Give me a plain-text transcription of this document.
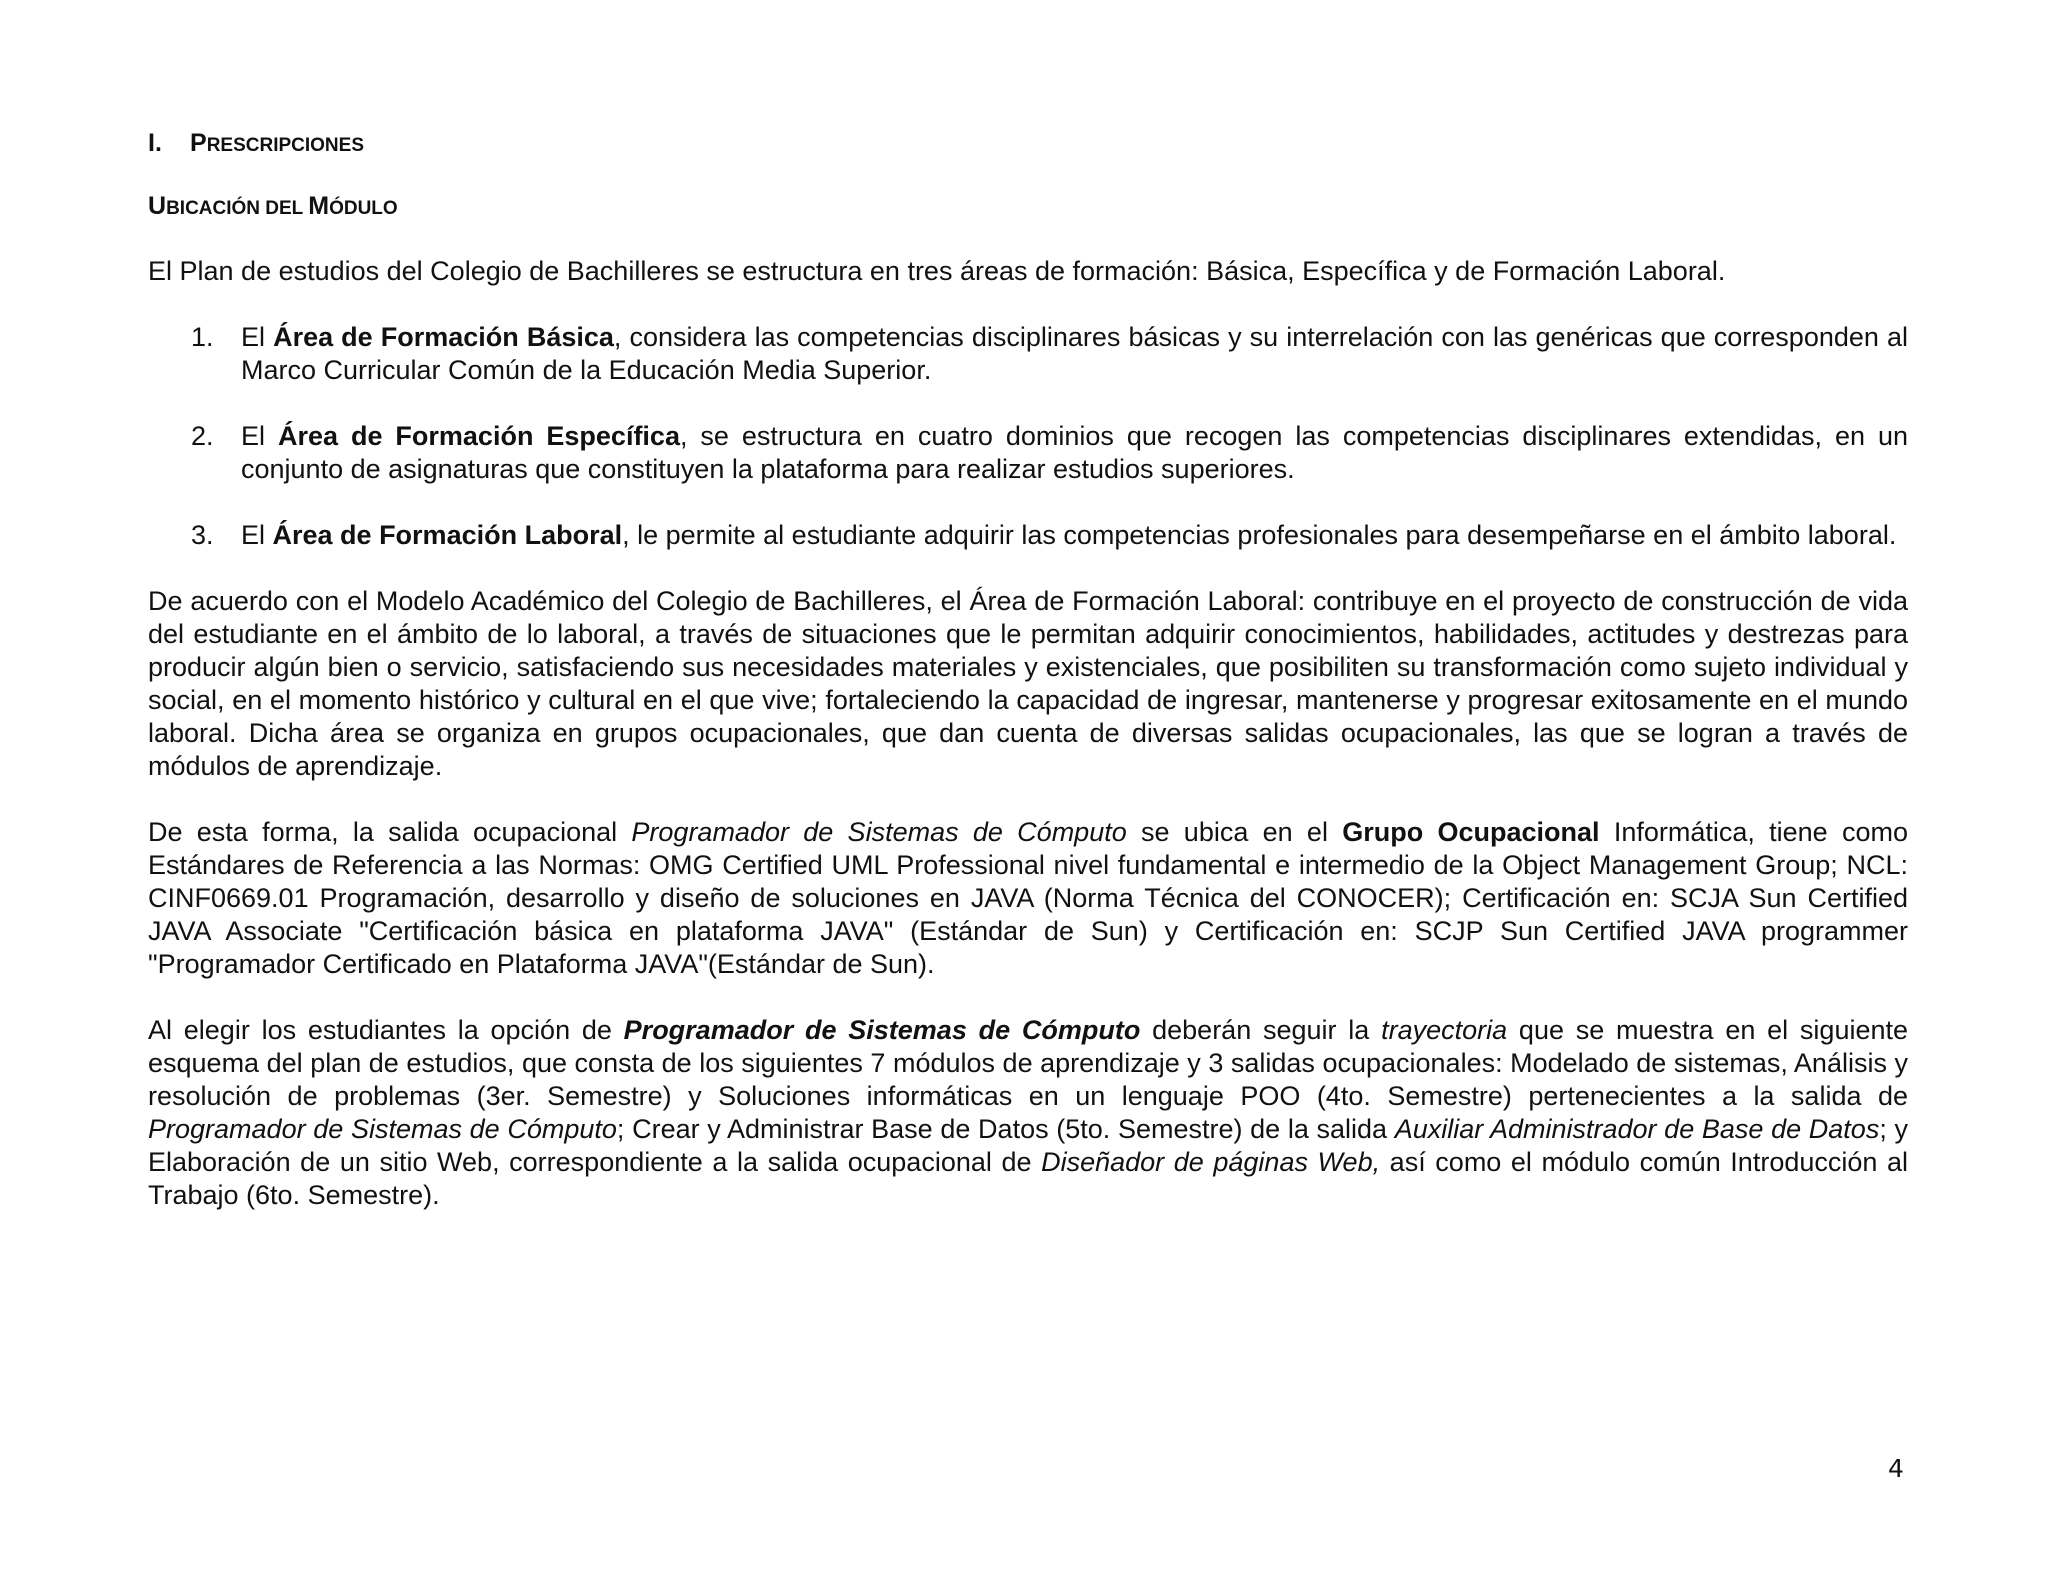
I. PRESCRIPCIONES
UBICACIÓN DEL MÓDULO

El Plan de estudios del Colegio de Bachilleres se estructura en tres áreas de formación: Básica, Específica y de Formación Laboral.

1. El Área de Formación Básica, considera las competencias disciplinares básicas y su interrelación con las genéricas que corresponden al Marco Curricular Común de la Educación Media Superior.
2. El Área de Formación Específica, se estructura en cuatro dominios que recogen las competencias disciplinares extendidas, en un conjunto de asignaturas que constituyen la plataforma para realizar estudios superiores.
3. El Área de Formación Laboral, le permite al estudiante adquirir las competencias profesionales para desempeñarse en el ámbito laboral.

De acuerdo con el Modelo Académico del Colegio de Bachilleres, el Área de Formación Laboral: contribuye en el proyecto de construcción de vida del estudiante en el ámbito de lo laboral, a través de situaciones que le permitan adquirir conocimientos, habilidades, actitudes y destrezas para producir algún bien o servicio, satisfaciendo sus necesidades materiales y existenciales, que posibiliten su transformación como sujeto individual y social, en el momento histórico y cultural en el que vive; fortaleciendo la capacidad de ingresar, mantenerse y progresar exitosamente en el mundo laboral. Dicha área se organiza en grupos ocupacionales, que dan cuenta de diversas salidas ocupacionales, las que se logran a través de módulos de aprendizaje.

De esta forma, la salida ocupacional Programador de Sistemas de Cómputo se ubica en el Grupo Ocupacional Informática, tiene como Estándares de Referencia a las Normas: OMG Certified UML Professional nivel fundamental e intermedio de la Object Management Group; NCL: CINF0669.01 Programación, desarrollo y diseño de soluciones en JAVA (Norma Técnica del CONOCER); Certificación en: SCJA Sun Certified JAVA Associate "Certificación básica en plataforma JAVA" (Estándar de Sun) y Certificación en: SCJP Sun Certified JAVA programmer "Programador Certificado en Plataforma JAVA"(Estándar de Sun).

Al elegir los estudiantes la opción de Programador de Sistemas de Cómputo deberán seguir la trayectoria que se muestra en el siguiente esquema del plan de estudios, que consta de los siguientes 7 módulos de aprendizaje y 3 salidas ocupacionales: Modelado de sistemas, Análisis y resolución de problemas (3er. Semestre) y Soluciones informáticas en un lenguaje POO (4to. Semestre) pertenecientes a la salida de Programador de Sistemas de Cómputo; Crear y Administrar Base de Datos (5to. Semestre) de la salida Auxiliar Administrador de Base de Datos; y Elaboración de un sitio Web, correspondiente a la salida ocupacional de Diseñador de páginas Web, así como el módulo común Introducción al Trabajo (6to. Semestre).

4
